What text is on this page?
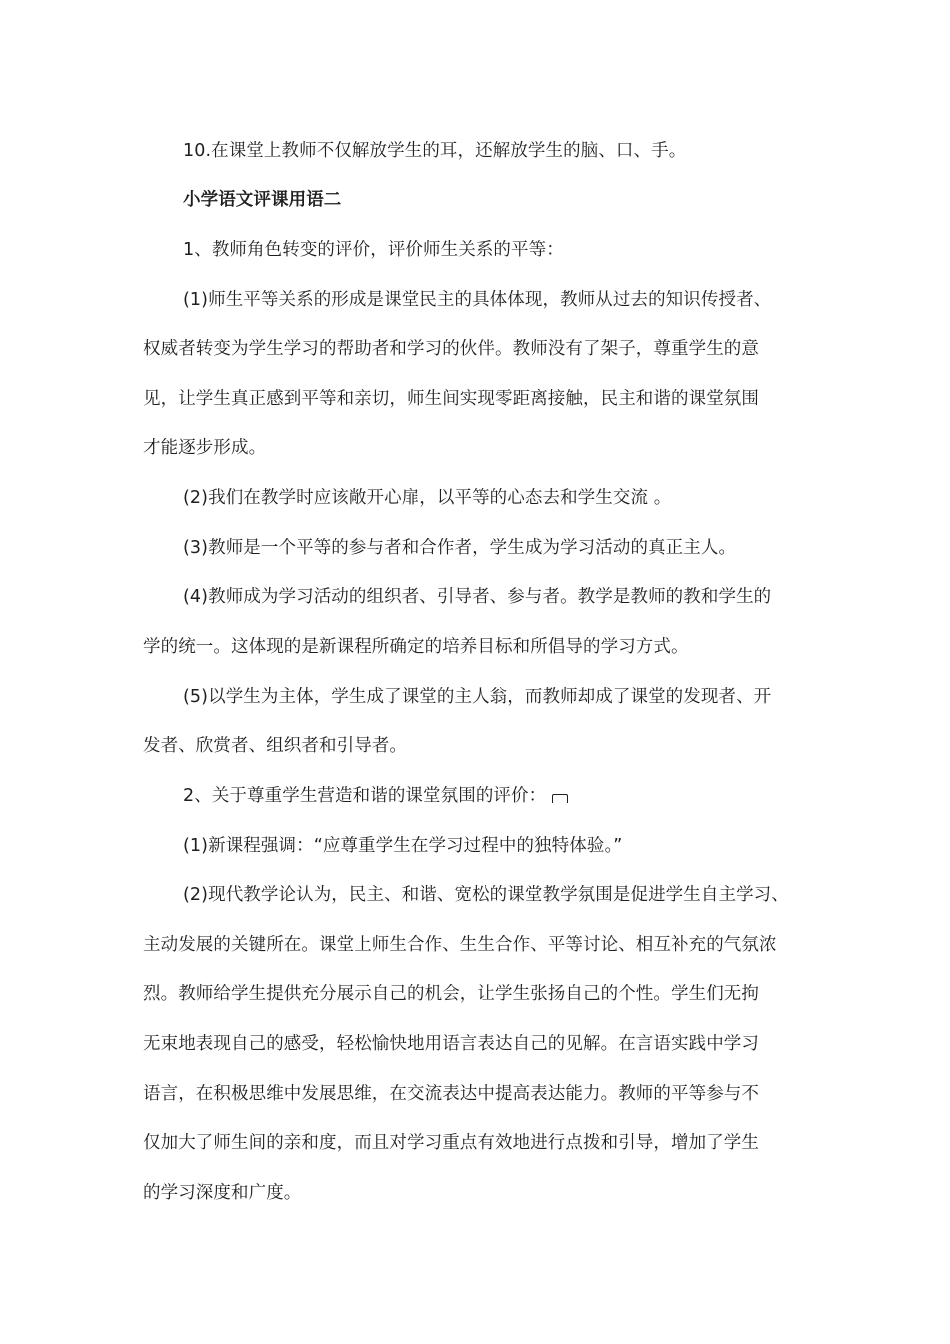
10.在课堂上教师不仅解放学生的耳，还解放学生的脑、口、手。
小学语文评课用语二
1、教师角色转变的评价，评价师生关系的平等：
(1)师生平等关系的形成是课堂民主的具体体现，教师从过去的知识传授者、
权威者转变为学生学习的帮助者和学习的伙伴。教师没有了架子，尊重学生的意
见，让学生真正感到平等和亲切，师生间实现零距离接触，民主和谐的课堂氛围
才能逐步形成。
(2)我们在教学时应该敞开心扉，以平等的心态去和学生交流 。
(3)教师是一个平等的参与者和合作者，学生成为学习活动的真正主人。
(4)教师成为学习活动的组织者、引导者、参与者。教学是教师的教和学生的
学的统一。这体现的是新课程所确定的培养目标和所倡导的学习方式。
(5)以学生为主体，学生成了课堂的主人翁，而教师却成了课堂的发现者、开
发者、欣赏者、组织者和引导者。
2、关于尊重学生营造和谐的课堂氛围的评价：
(1)新课程强调：“应尊重学生在学习过程中的独特体验。”
(2)现代教学论认为，民主、和谐、宽松的课堂教学氛围是促进学生自主学习、
主动发展的关键所在。课堂上师生合作、生生合作、平等讨论、相互补充的气氛浓
烈。教师给学生提供充分展示自己的机会，让学生张扬自己的个性。学生们无拘
无束地表现自己的感受，轻松愉快地用语言表达自己的见解。在言语实践中学习
语言，在积极思维中发展思维，在交流表达中提高表达能力。教师的平等参与不
仅加大了师生间的亲和度，而且对学习重点有效地进行点拨和引导，增加了学生
的学习深度和广度。
